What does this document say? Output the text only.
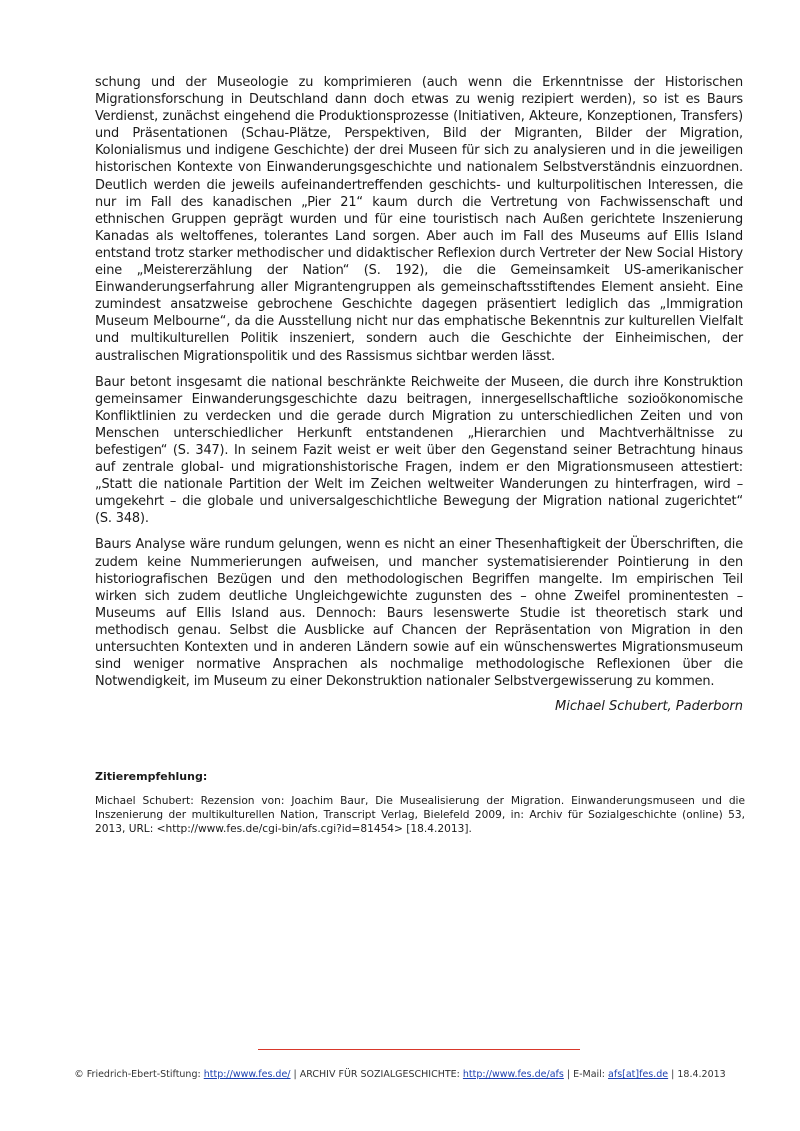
schung und der Museologie zu komprimieren (auch wenn die Erkenntnisse der Historischen Migrationsforschung in Deutschland dann doch etwas zu wenig rezipiert werden), so ist es Baurs Verdienst, zunächst eingehend die Produktionsprozesse (Initiativen, Akteure, Konzeptionen, Transfers) und Präsentationen (Schau-Plätze, Perspektiven, Bild der Migranten, Bilder der Migration, Kolonialismus und indigene Geschichte) der drei Museen für sich zu analysieren und in die jeweiligen historischen Kontexte von Einwanderungsgeschichte und nationalem Selbstverständnis einzuordnen. Deutlich werden die jeweils aufeinandertreffenden geschichts- und kulturpolitischen Interessen, die nur im Fall des kanadischen „Pier 21“ kaum durch die Vertretung von Fachwissenschaft und ethnischen Gruppen geprägt wurden und für eine touristisch nach Außen gerichtete Inszenierung Kanadas als weltoffenes, tolerantes Land sorgen. Aber auch im Fall des Museums auf Ellis Island entstand trotz starker methodischer und didaktischer Reflexion durch Vertreter der New Social History eine „Meistererzählung der Nation“ (S. 192), die die Gemeinsamkeit US-amerikanischer Einwanderungserfahrung aller Migrantengruppen als gemeinschaftsstiftendes Element ansieht. Eine zumindest ansatzweise gebrochene Geschichte dagegen präsentiert lediglich das „Immigration Museum Melbourne“, da die Ausstellung nicht nur das emphatische Bekenntnis zur kulturellen Vielfalt und multikulturellen Politik inszeniert, sondern auch die Geschichte der Einheimischen, der australischen Migrationspolitik und des Rassismus sichtbar werden lässt.

Baur betont insgesamt die national beschränkte Reichweite der Museen, die durch ihre Konstruktion gemeinsamer Einwanderungsgeschichte dazu beitragen, innergesellschaftliche sozioökonomische Konfliktlinien zu verdecken und die gerade durch Migration zu unterschiedlichen Zeiten und von Menschen unterschiedlicher Herkunft entstandenen „Hierarchien und Machtverhältnisse zu befestigen“ (S. 347). In seinem Fazit weist er weit über den Gegenstand seiner Betrachtung hinaus auf zentrale global- und migrationshistorische Fragen, indem er den Migrationsmuseen attestiert: „Statt die nationale Partition der Welt im Zeichen weltweiter Wanderungen zu hinterfragen, wird – umgekehrt – die globale und universalgeschichtliche Bewegung der Migration national zugerichtet“ (S. 348).

Baurs Analyse wäre rundum gelungen, wenn es nicht an einer Thesenhaftigkeit der Überschriften, die zudem keine Nummerierungen aufweisen, und mancher systematisierender Pointierung in den historiografischen Bezügen und den methodologischen Begriffen mangelte. Im empirischen Teil wirken sich zudem deutliche Ungleichgewichte zugunsten des – ohne Zweifel prominentesten – Museums auf Ellis Island aus. Dennoch: Baurs lesenswerte Studie ist theoretisch stark und methodisch genau. Selbst die Ausblicke auf Chancen der Repräsentation von Migration in den untersuchten Kontexten und in anderen Ländern sowie auf ein wünschenswertes Migrationsmuseum sind weniger normative Ansprachen als nochmalige methodologische Reflexionen über die Notwendigkeit, im Museum zu einer Dekonstruktion nationaler Selbstvergewisserung zu kommen.

Michael Schubert, Paderborn

Zitierempfehlung:

Michael Schubert: Rezension von: Joachim Baur, Die Musealisierung der Migration. Einwanderungsmuseen und die Inszenierung der multikulturellen Nation, Transcript Verlag, Bielefeld 2009, in: Archiv für Sozialgeschichte (online) 53, 2013, URL: <http://www.fes.de/cgi-bin/afs.cgi?id=81454> [18.4.2013].

© Friedrich-Ebert-Stiftung: http://www.fes.de/ | ARCHIV FÜR SOZIALGESCHICHTE: http://www.fes.de/afs | E-Mail: afs[at]fes.de | 18.4.2013
